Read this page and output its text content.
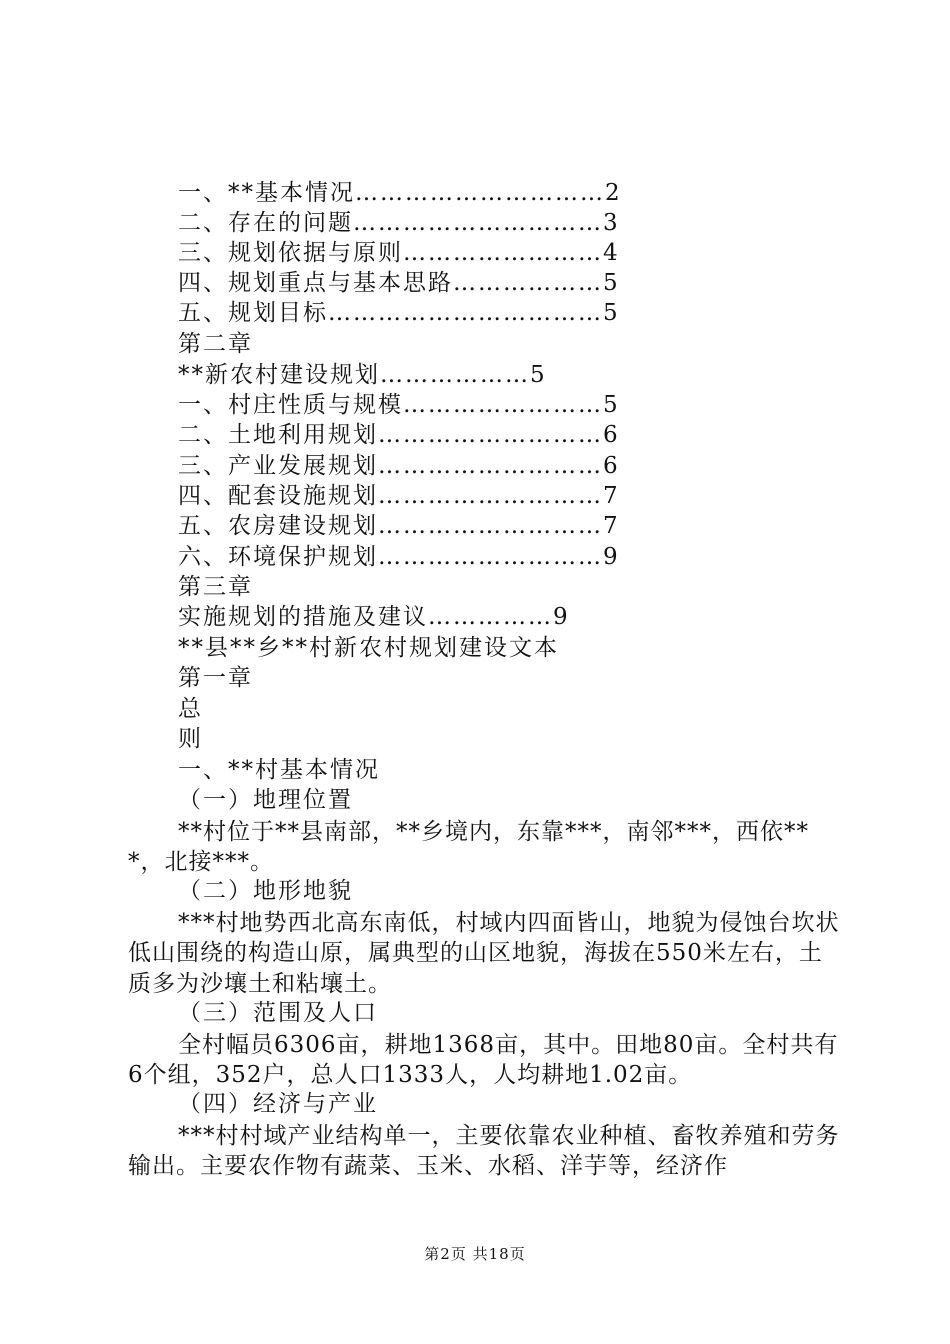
一、**基本情况…………………………2
二、存在的问题…………………………3
三、规划依据与原则……………………4
四、规划重点与基本思路………………5
五、规划目标……………………………5
第二章
**新农村建设规划………………5
一、村庄性质与规模……………………5
二、土地利用规划………………………6
三、产业发展规划………………………6
四、配套设施规划………………………7
五、农房建设规划………………………7
六、环境保护规划………………………9
第三章
实施规划的措施及建议……………9
**县**乡**村新农村规划建设文本
第一章
总
则
一、**村基本情况
（一）地理位置
**村位于**县南部，**乡境内，东靠***，南邻***，西依***，北接***。
（二）地形地貌
***村地势西北高东南低，村域内四面皆山，地貌为侵蚀台坎状低山围绕的构造山原，属典型的山区地貌，海拔在550米左右，土质多为沙壤土和粘壤土。
（三）范围及人口
全村幅员6306亩，耕地1368亩，其中。田地80亩。全村共有6个组，352户，总人口1333人，人均耕地1.02亩。
（四）经济与产业
***村村域产业结构单一，主要依靠农业种植、畜牧养殖和劳务输出。主要农作物有蔬菜、玉米、水稻、洋芋等，经济作
第2页 共18页
